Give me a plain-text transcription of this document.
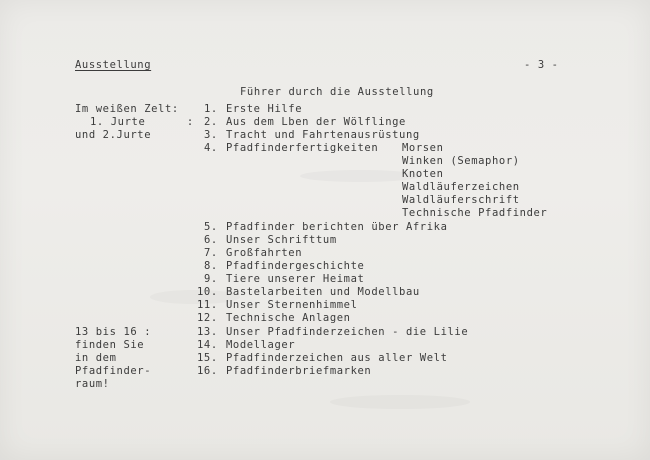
Ausstellung	- 3 -
Führer durch die Ausstellung
Im weißen Zelt:
1. Jurte      :
und 2.Jurte
13 bis 16 :
finden Sie
in dem
Pfadfinder-
raum!
1. Erste Hilfe
2. Aus dem Lben der Wölflinge
3. Tracht und Fahrtenausrüstung
4. Pfadfinderfertigkeiten Morsen
Winken (Semaphor)
Knoten
Waldläuferzeichen
Waldläuferschrift
Technische Pfadfinder
5. Pfadfinder berichten über Afrika
6. Unser Schrifttum
7. Großfahrten
8. Pfadfindergeschichte
9. Tiere unserer Heimat
10. Bastelarbeiten und Modellbau
11. Unser Sternenhimmel
12. Technische Anlagen
13. Unser Pfadfinderzeichen - die Lilie
14. Modellager
15. Pfadfinderzeichen aus aller Welt
16. Pfadfinderbriefmarken
